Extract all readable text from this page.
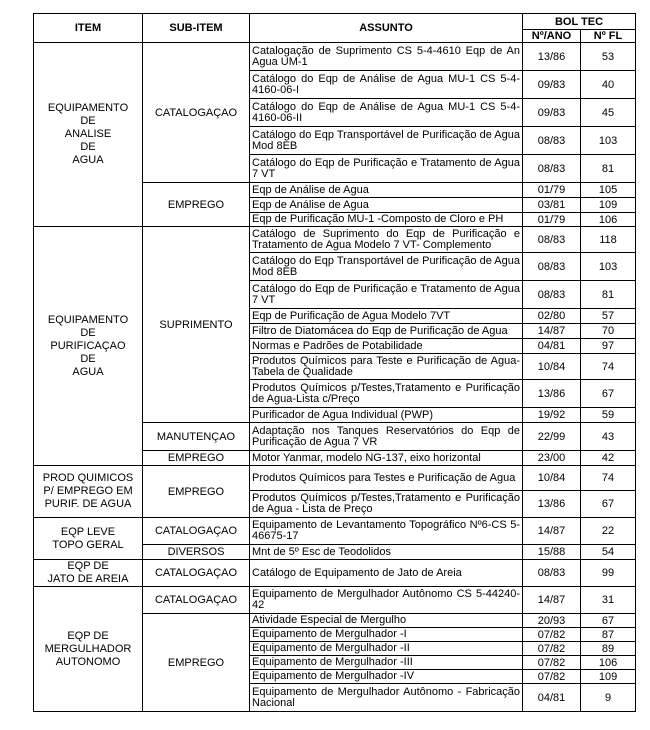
ITEM	SUB-ITEM	ASSUNTO	BOL TEC	
			Nº/ANO	Nº FL
EQUIPAMENTO
DE
ANALISE
DE
AGUA	CATALOGAÇAO	Catalogação de Suprimento CS 5-4-4610 Eqp de An Agua UM-1	13/86	53
		Catálogo do Eqp de Análise de Agua MU-1 CS 5-4-4160-06-I	09/83	40
		Catálogo do Eqp de Análise de Agua MU-1 CS 5-4-4160-06-II	09/83	45
		Catálogo do Eqp Transportável de Purificação de Agua Mod 8EB	08/83	103
		Catálogo do Eqp de Purificação e Tratamento de Agua 7 VT	08/83	81
	EMPREGO	Eqp de Análise de Agua	01/79	105
		Eqp de Análise de Agua	03/81	109
		Eqp de Purificação MU-1 -Composto de Cloro e PH	01/79	106
EQUIPAMENTO
DE
PURIFICAÇAO
DE
AGUA	SUPRIMENTO	Catálogo de Suprimento do Eqp de Purificação e Tratamento de Agua Modelo 7 VT- Complemento	08/83	118
		Catálogo do Eqp Transportável de Purificação de Agua Mod 8EB	08/83	103
		Catálogo do Eqp de Purificação e Tratamento de Agua 7 VT	08/83	81
		Eqp de Purificação de Agua Modelo 7VT	02/80	57
		Filtro de Diatomácea do Eqp de Purificação de Agua	14/87	70
		Normas e Padrões de Potabilidade	04/81	97
		Produtos Químicos para Teste e Purificação de Agua-Tabela de Qualidade	10/84	74
		Produtos Químicos p/Testes,Tratamento e Purificação de Agua-Lista c/Preço	13/86	67
		Purificador de Agua Individual (PWP)	19/92	59
	MANUTENÇAO	Adaptação nos Tanques Reservatórios do Eqp de Purificação de Agua 7 VR	22/99	43
	EMPREGO	Motor Yanmar, modelo NG-137, eixo horizontal	23/00	42
PROD QUIMICOS
P/ EMPREGO EM
PURIF. DE AGUA	EMPREGO	Produtos Químicos para Testes e Purificação de Agua	10/84	74
		Produtos Químicos p/Testes,Tratamento e Purificação de Agua - Lista de Preço	13/86	67
EQP LEVE
TOPO GERAL	CATALOGAÇAO	Equipamento de Levantamento Topográfico Nº6-CS 5-46675-17	14/87	22
	DIVERSOS	Mnt de 5º Esc de Teodolidos	15/88	54
EQP DE
JATO DE AREIA	CATALOGAÇAO	Catálogo de Equipamento de Jato de Areia	08/83	99
EQP DE
MERGULHADOR
AUTONOMO	CATALOGAÇAO	Equipamento de Mergulhador Autônomo CS 5-44240-42	14/87	31
	EMPREGO	Atividade Especial de Mergulho	20/93	67
		Equipamento de Mergulhador -I	07/82	87
		Equipamento de Mergulhador -II	07/82	89
		Equipamento de Mergulhador -III	07/82	106
		Equipamento de Mergulhador -IV	07/82	109
		Equipamento de Mergulhador Autônomo - Fabricação Nacional	04/81	9
